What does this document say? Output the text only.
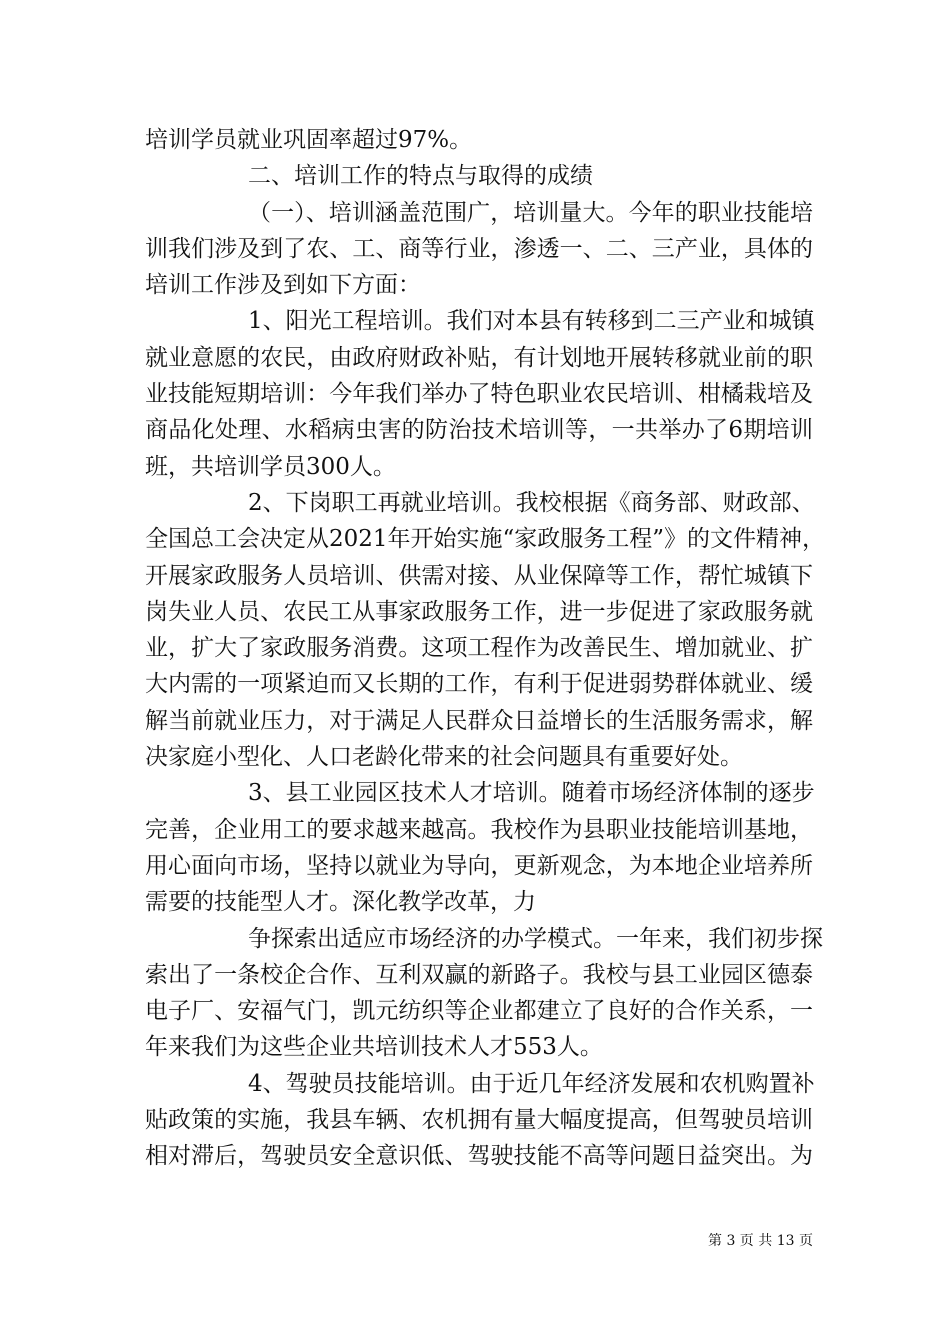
培训学员就业巩固率超过97%。
二、培训工作的特点与取得的成绩
（一）、培训涵盖范围广，培训量大。今年的职业技能培
训我们涉及到了农、工、商等行业，渗透一、二、三产业，具体的
培训工作涉及到如下方面：
1、阳光工程培训。我们对本县有转移到二三产业和城镇
就业意愿的农民，由政府财政补贴，有计划地开展转移就业前的职
业技能短期培训：今年我们举办了特色职业农民培训、柑橘栽培及
商品化处理、水稻病虫害的防治技术培训等，一共举办了6期培训
班，共培训学员300人。
2、下岗职工再就业培训。我校根据《商务部、财政部、
全国总工会决定从2021年开始实施“家政服务工程”》的文件精神，
开展家政服务人员培训、供需对接、从业保障等工作，帮忙城镇下
岗失业人员、农民工从事家政服务工作，进一步促进了家政服务就
业，扩大了家政服务消费。这项工程作为改善民生、增加就业、扩
大内需的一项紧迫而又长期的工作，有利于促进弱势群体就业、缓
解当前就业压力，对于满足人民群众日益增长的生活服务需求，解
决家庭小型化、人口老龄化带来的社会问题具有重要好处。
3、县工业园区技术人才培训。随着市场经济体制的逐步
完善，企业用工的要求越来越高。我校作为县职业技能培训基地，
用心面向市场，坚持以就业为导向，更新观念，为本地企业培养所
需要的技能型人才。深化教学改革，力
争探索出适应市场经济的办学模式。一年来，我们初步探
索出了一条校企合作、互利双赢的新路子。我校与县工业园区德泰
电子厂、安福气门，凯元纺织等企业都建立了良好的合作关系，一
年来我们为这些企业共培训技术人才553人。
4、驾驶员技能培训。由于近几年经济发展和农机购置补
贴政策的实施，我县车辆、农机拥有量大幅度提高，但驾驶员培训
相对滞后，驾驶员安全意识低、驾驶技能不高等问题日益突出。为
第 3 页 共 13 页
